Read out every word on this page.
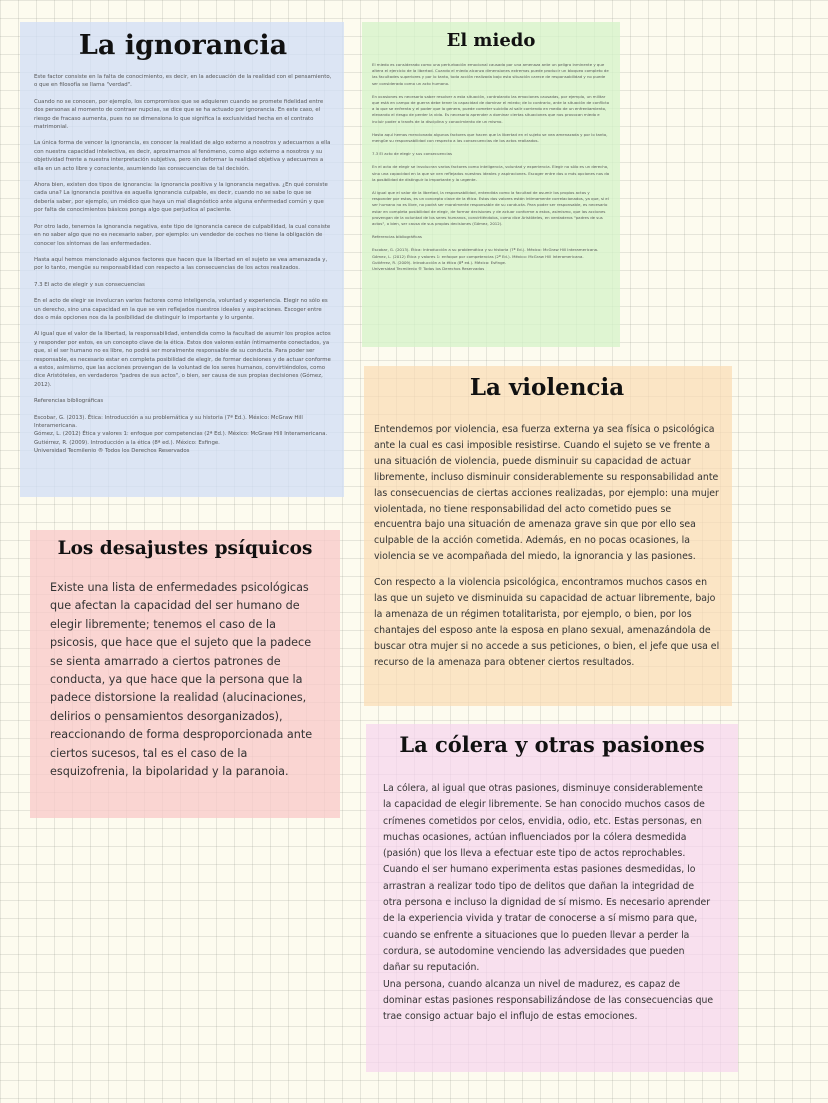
La ignorancia

Este factor consiste en la falta de conocimiento, es decir, en la adecuación de la realidad con el pensamiento, o que en filosofía se llama "verdad".

Cuando no se conocen, por ejemplo, los compromisos que se adquieren cuando se promete fidelidad entre dos personas al momento de contraer nupcias, se dice que se ha actuado por ignorancia. En este caso, el riesgo de fracaso aumenta, pues no se dimensiona lo que significa la exclusividad hecha en el contrato matrimonial.

La única forma de vencer la ignorancia, es conocer la realidad de algo externo a nosotros y adecuarnos a ella con nuestra capacidad intelectiva, es decir, aproximarnos al fenómeno, como algo externo a nosotros y su objetividad frente a nuestra interpretación subjetiva, pero sin deformar la realidad objetiva y adecuarnos a ella en un acto libre y consciente, asumiendo las consecuencias de tal decisión.

Ahora bien, existen dos tipos de ignorancia: la ignorancia positiva y la ignorancia negativa. ¿En qué consiste cada una? La ignorancia positiva es aquella ignorancia culpable, es decir, cuando no se sabe lo que se debería saber, por ejemplo, un médico que haya un mal diagnóstico ante alguna enfermedad común y que por falta de conocimientos básicos ponga algo que perjudica al paciente.

Por otro lado, tenemos la ignorancia negativa, este tipo de ignorancia carece de culpabilidad, la cual consiste en no saber algo que no es necesario saber, por ejemplo: un vendedor de coches no tiene la obligación de conocer los síntomas de las enfermedades.

Hasta aquí hemos mencionado algunos factores que hacen que la libertad en el sujeto se vea amenazada y, por lo tanto, mengüe su responsabilidad con respecto a las consecuencias de los actos realizados.

7.3 El acto de elegir y sus consecuencias

En el acto de elegir se involucran varios factores como inteligencia, voluntad y experiencia. Elegir no sólo es un derecho, sino una capacidad en la que se ven reflejados nuestros ideales y aspiraciones. Escoger entre dos o más opciones nos da la posibilidad de distinguir lo importante y lo urgente.

Al igual que el valor de la libertad, la responsabilidad, entendida como la facultad de asumir los propios actos y responder por estos, es un concepto clave de la ética. Estos dos valores están íntimamente conectados, ya que, si el ser humano no es libre, no podrá ser moralmente responsable de su conducta. Para poder ser responsable, es necesario estar en completa posibilidad de elegir, de formar decisiones y de actuar conforme a estos, asimismo, que las acciones provengan de la voluntad de los seres humanos, convirtiéndolos, como dice Aristóteles, en verdaderos "padres de sus actos", o bien, ser causa de sus propias decisiones (Gómez, 2012).

Referencias bibliográficas

Escobar, G. (2013). Ética: Introducción a su problemática y su historia (7ª Ed.). México: McGraw Hill Interamericana.
Gómez, L. (2012) Ética y valores 1: enfoque por competencias (2ª Ed.). México: McGraw Hill Interamericana.
Gutiérrez, R. (2009). Introducción a la ética (8ª ed.). México: Esfinge.
Universidad Tecmilenio ® Todos los Derechos Reservados

El miedo

El miedo es considerado como una perturbación emocional causada por una amenaza ante un peligro inminente y que altera el ejercicio de la libertad. Cuando el miedo alcanza dimensiones extremas puede producir un bloqueo completo de las facultades superiores y por lo tanto, toda acción realizada bajo esta situación carece de responsabilidad y no puede ser considerado como un acto humano.

En ocasiones es necesario saber resolver a esta situación, controlando las emociones causadas, por ejemplo, un militar que está en campo de guerra debe tener la capacidad de dominar el miedo; de lo contrario, ante la situación de conflicto a la que se enfrenta y el poder que lo genera, puede cometer suicidio al salir corriendo en medio de un enfrentamiento, elevando el riesgo de perder la vida. Es necesario aprender a dominar ciertas situaciones que nos provocan miedo e incluir poder a través de la disciplina y conocimiento de un mismo.

Hasta aquí hemos mencionado algunos factores que hacen que la libertad en el sujeto se vea amenazada y por lo tanto, mengüe su responsabilidad con respecto a las consecuencias de los actos realizados.

7.3 El acto de elegir y sus consecuencias

En el acto de elegir se involucran varios factores como inteligencia, voluntad y experiencia. Elegir no sólo es un derecho, sino una capacidad en la que se ven reflejados nuestros ideales y aspiraciones. Escoger entre dos o más opciones nos da la posibilidad de distinguir lo importante y lo urgente.

Al igual que el valor de la libertad, la responsabilidad, entendida como la facultad de asumir los propios actos y responder por estos, es un concepto clave de la ética. Estos dos valores están íntimamente correlacionados, ya que, si el ser humano no es libre, no podrá ser moralmente responsable de su conducta. Para poder ser responsable, es necesario estar en completa posibilidad de elegir, de formar decisiones y de actuar conforme a estos, asimismo, que las acciones provengan de la voluntad de los seres humanos, convirtiéndolos, como dice Aristóteles, en verdaderos "padres de sus actos", o bien, ser causa de sus propias decisiones (Gómez, 2012).

Referencias bibliográficas

Escobar, G. (2013). Ética: Introducción a su problemática y su historia (7ª Ed.). México: McGraw Hill Interamericana.
Gómez, L. (2012) Ética y valores 1: enfoque por competencias (2ª Ed.). México: McGraw Hill Interamericana.
Gutiérrez, R. (2009). Introducción a la ética (8ª ed.). México: Esfinge.
Universidad Tecmilenio ® Todos los Derechos Reservados

La violencia

Entendemos por violencia, esa fuerza externa ya sea física o psicológica ante la cual es casi imposible resistirse. Cuando el sujeto se ve frente a una situación de violencia, puede disminuir su capacidad de actuar libremente, incluso disminuir considerablemente su responsabilidad ante las consecuencias de ciertas acciones realizadas, por ejemplo: una mujer violentada, no tiene responsabilidad del acto cometido pues se encuentra bajo una situación de amenaza grave sin que por ello sea culpable de la acción cometida. Además, en no pocas ocasiones, la violencia se ve acompañada del miedo, la ignorancia y las pasiones.

Con respecto a la violencia psicológica, encontramos muchos casos en las que un sujeto ve disminuida su capacidad de actuar libremente, bajo la amenaza de un régimen totalitarista, por ejemplo, o bien, por los chantajes del esposo ante la esposa en plano sexual, amenazándola de buscar otra mujer si no accede a sus peticiones, o bien, el jefe que usa el recurso de la amenaza para obtener ciertos resultados.

Los desajustes psíquicos

Existe una lista de enfermedades psicológicas que afectan la capacidad del ser humano de elegir libremente; tenemos el caso de la psicosis, que hace que el sujeto que la padece se sienta amarrado a ciertos patrones de conducta, ya que hace que la persona que la padece distorsione la realidad (alucinaciones, delirios o pensamientos desorganizados), reaccionando de forma desproporcionada ante ciertos sucesos, tal es el caso de la esquizofrenia, la bipolaridad y la paranoia.

La cólera y otras pasiones

La cólera, al igual que otras pasiones, disminuye considerablemente la capacidad de elegir libremente. Se han conocido muchos casos de crímenes cometidos por celos, envidia, odio, etc. Estas personas, en muchas ocasiones, actúan influenciados por la cólera desmedida (pasión) que los lleva a efectuar este tipo de actos reprochables. Cuando el ser humano experimenta estas pasiones desmedidas, lo arrastran a realizar todo tipo de delitos que dañan la integridad de otra persona e incluso la dignidad de sí mismo. Es necesario aprender de la experiencia vivida y tratar de conocerse a sí mismo para que, cuando se enfrente a situaciones que lo pueden llevar a perder la cordura, se autodomine venciendo las adversidades que pueden dañar su reputación.
Una persona, cuando alcanza un nivel de madurez, es capaz de dominar estas pasiones responsabilizándose de las consecuencias que trae consigo actuar bajo el influjo de estas emociones.
